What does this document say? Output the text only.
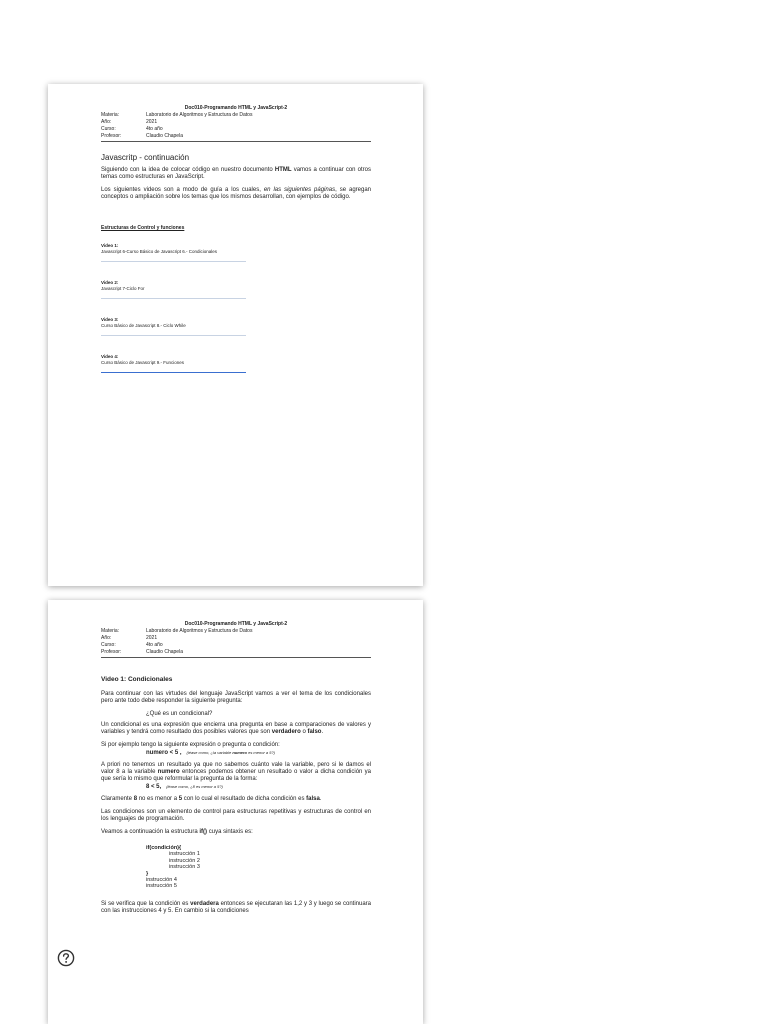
Doc010-Programando HTML y JavaScript-2
Materia:	Laboratorio de Algoritmos y Estructura de Datos
Año:	2021
Curso:	4to año
Profesor:	Claudio Chapela
Javascritp - continuación

Siguiendo con la idea de colocar código en nuestro documento HTML vamos a continuar con otros temas como estructuras en JavaScript.

Los siguientes videos son a modo de guía a los cuales, en las siguientes páginas, se agregan conceptos o ampliación sobre los temas que los mismos desarrollan, con ejemplos de código.

Estructuras de Control y funciones
Video 1:
Javascript 6-Curso Básico de Javascript 6.- Condicionales
Video 2:
Javascript 7-Ciclo For
Video 3:
Curso Básico de Javascript 8.- Ciclo While
Video 4:
Curso Básico de Javascript 9.- Funciones
Doc010-Programando HTML y JavaScript-2
Materia:	Laboratorio de Algoritmos y Estructura de Datos
Año:	2021
Curso:	4to año
Profesor:	Claudio Chapela
Video 1: Condicionales

Para continuar con las virtudes del lenguaje JavaScript vamos a ver el tema de los condicionales pero ante todo debe responder la siguiente pregunta:

¿Qué es un condicional?

Un condicional es una expresión que encierra una pregunta en base a comparaciones de valores y variables y tendrá como resultado dos posibles valores que son verdadero o falso.

Si por ejemplo tengo la siguiente expresión o pregunta o condición:

numero < 5 , (léase como, ¿la variable numero es menor a 5?)

A priori no tenemos un resultado ya que no sabemos cuánto vale la variable, pero si le damos el valor 8 a la variable numero entonces podemos obtener un resultado o valor a dicha condición ya que sería lo mismo que reformular la pregunta de la forma:

8 < 5, (léase como, ¿8 es menor a 5?)

Claramente 8 no es menor a 5 con lo cual el resultado de dicha condición es falsa.

Las condiciones son un elemento de control para estructuras repetitivas y estructuras de control en los lenguajes de programación.

Veamos a continuación la estructura if() cuya sintaxis es:

if(condición){
instrucción 1
instrucción 2
instrucción 3
}
instrucción 4
instrucción 5

Si se verifica que la condición es verdadera entonces se ejecutaran las 1,2 y 3 y luego se continuara con las instrucciones 4 y 5. En cambio si la condiciones
